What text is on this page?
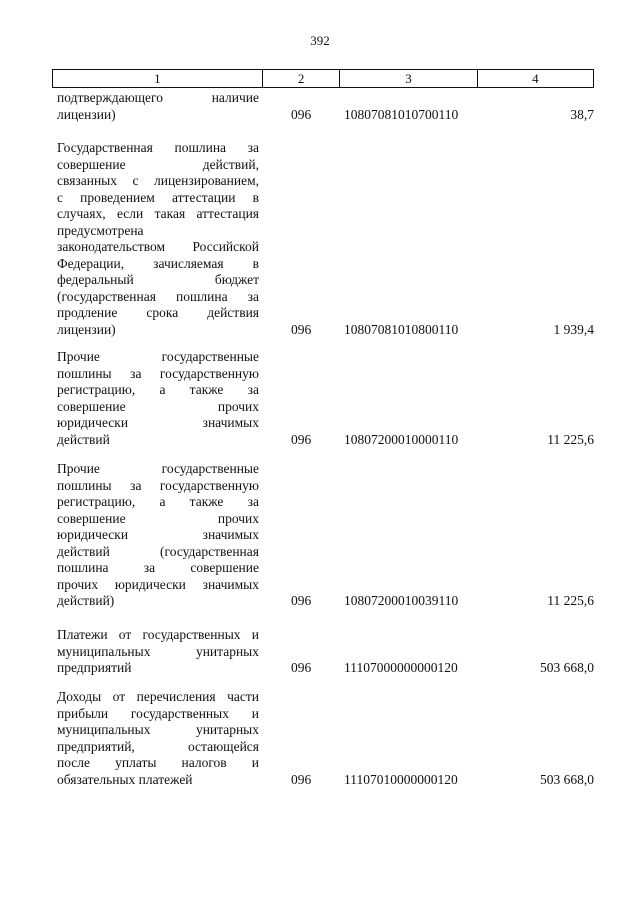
392
1	2	3	4
подтверждающего наличие
лицензии)	096 10807081010700110	38,7
Государственная пошлина за
совершение действий,
связанных с лицензированием,
с проведением аттестации в
случаях, если такая аттестация
предусмотрена
законодательством Российской
Федерации, зачисляемая в
федеральный бюджет
(государственная пошлина за
продление срока действия
лицензии)	096 10807081010800110	1 939,4
Прочие государственные
пошлины за государственную
регистрацию, а также за
совершение прочих
юридически значимых
действий	096 10807200010000110	11 225,6
Прочие государственные
пошлины за государственную
регистрацию, а также за
совершение прочих
юридически значимых
действий (государственная
пошлина за совершение
прочих юридически значимых
действий)	096 10807200010039110	11 225,6
Платежи от государственных и
муниципальных унитарных
предприятий	096 11107000000000120	503 668,0
Доходы от перечисления части
прибыли государственных и
муниципальных унитарных
предприятий, остающейся
после уплаты налогов и
обязательных платежей	096 11107010000000120	503 668,0
